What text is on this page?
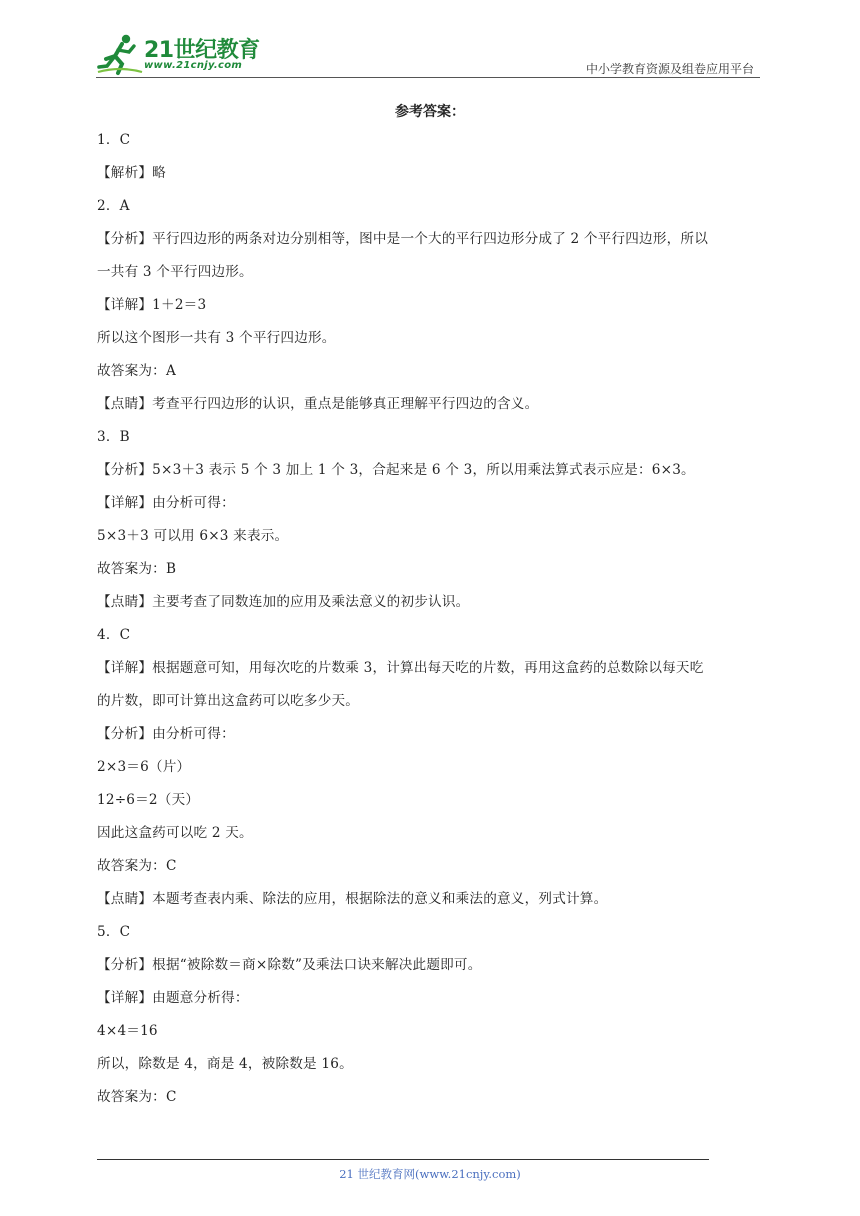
21世纪教育
www.21cnjy.com	中小学教育资源及组卷应用平台
参考答案：
1．C
【解析】略
2．A
【分析】平行四边形的两条对边分别相等，图中是一个大的平行四边形分成了 2 个平行四边形，所以
一共有 3 个平行四边形。
【详解】1＋2＝3
所以这个图形一共有 3 个平行四边形。
故答案为：A
【点睛】考查平行四边形的认识，重点是能够真正理解平行四边的含义。
3．B
【分析】5×3＋3 表示 5 个 3 加上 1 个 3，合起来是 6 个 3，所以用乘法算式表示应是：6×3。
【详解】由分析可得：
5×3＋3 可以用 6×3 来表示。
故答案为：B
【点睛】主要考查了同数连加的应用及乘法意义的初步认识。
4．C
【详解】根据题意可知，用每次吃的片数乘 3，计算出每天吃的片数，再用这盒药的总数除以每天吃
的片数，即可计算出这盒药可以吃多少天。
【分析】由分析可得：
2×3＝6（片）
12÷6＝2（天）
因此这盒药可以吃 2 天。
故答案为：C
【点睛】本题考查表内乘、除法的应用，根据除法的意义和乘法的意义，列式计算。
5．C
【分析】根据“被除数＝商×除数”及乘法口诀来解决此题即可。
【详解】由题意分析得：
4×4＝16
所以，除数是 4，商是 4，被除数是 16。
故答案为：C
21 世纪教育网(www.21cnjy.com)
